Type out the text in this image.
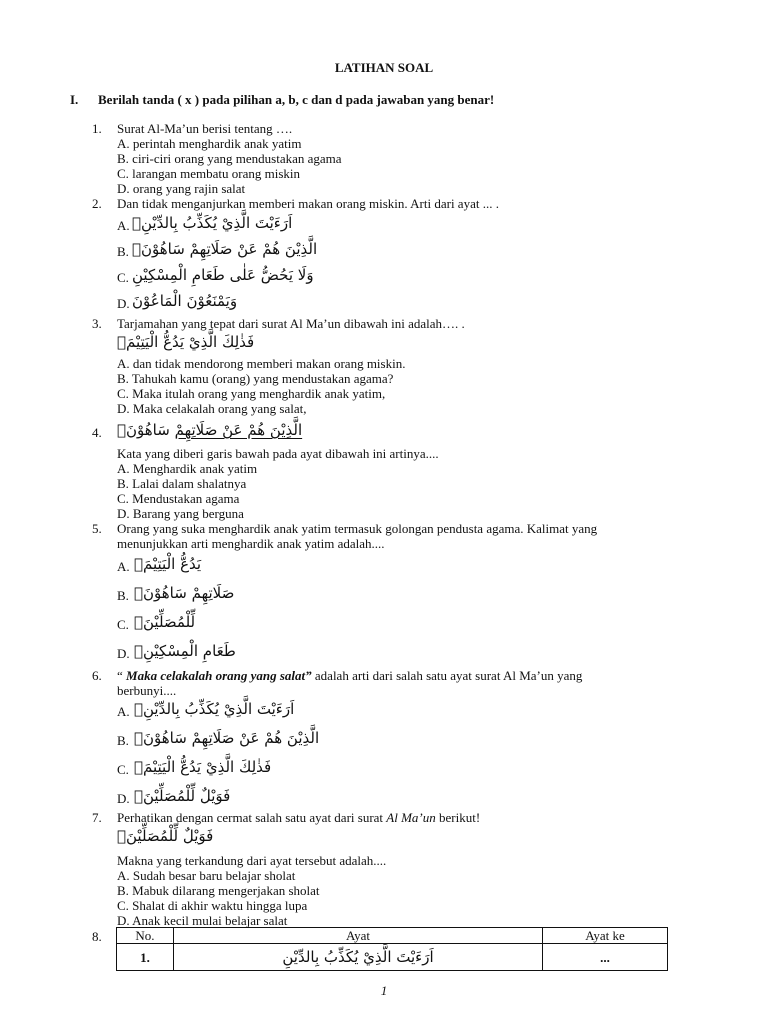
LATIHAN SOAL
I. Berilah tanda ( x ) pada pilihan a, b, c dan d pada jawaban yang benar!
1. Surat Al-Ma’un berisi tentang ….
A. perintah menghardik anak yatim
B. ciri-ciri orang yang mendustakan agama
C. larangan membatu orang miskin
D. orang yang rajin salat
2. Dan tidak menganjurkan memberi makan orang miskin. Arti dari ayat ... .
A. اَرَءَيْتَ الَّذِيْ يُكَذِّبُ بِالدِّيْنِۗ
B. الَّذِيْنَ هُمْ عَنْ صَلَاتِهِمْ سَاهُوْنَۙ
C. وَلَا يَحُضُّ عَلٰى طَعَامِ الْمِسْكِيْنِ
D. وَيَمْنَعُوْنَ الْمَاعُوْنَ
3. Tarjamahan yang tepat dari surat Al Ma’un dibawah ini adalah…. .
فَذٰلِكَ الَّذِيْ يَدُعُّ الْيَتِيْمَۙ
A. dan tidak mendorong memberi makan orang miskin.
B. Tahukah kamu (orang) yang mendustakan agama?
C. Maka itulah orang yang menghardik anak yatim,
D. Maka celakalah orang yang salat,
4.	الَّذِيْنَ هُمْ عَنْ صَلَاتِهِمْ سَاهُوْنَۙ
Kata yang diberi garis bawah pada ayat dibawah ini artinya....
A. Menghardik anak yatim
B. Lalai dalam shalatnya
C. Mendustakan agama
D. Barang yang berguna
5. Orang yang suka menghardik anak yatim termasuk golongan pendusta agama. Kalimat yang
menunjukkan arti menghardik anak yatim adalah....
A. يَدُعُّ الْيَتِيْمَۙ
B. صَلَاتِهِمْ سَاهُوْنَۙ
C. لِّلْمُصَلِّيْنَۙ
D. طَعَامِ الْمِسْكِيْنِۗ
6. “ Maka celakalah orang yang salat” adalah arti dari salah satu ayat surat Al Ma’un yang
berbunyi....
A. اَرَءَيْتَ الَّذِيْ يُكَذِّبُ بِالدِّيْنِۗ
B. الَّذِيْنَ هُمْ عَنْ صَلَاتِهِمْ سَاهُوْنَۙ
C. فَذٰلِكَ الَّذِيْ يَدُعُّ الْيَتِيْمَۙ
D. فَوَيْلٌ لِّلْمُصَلِّيْنَۙ
7. Perhatikan dengan cermat salah satu ayat dari surat Al Ma’un berikut!
فَوَيْلٌ لِّلْمُصَلِّيْنَۙ
Makna yang terkandung dari ayat tersebut adalah....
A. Sudah besar baru belajar sholat
B. Mabuk dilarang mengerjakan sholat
C. Shalat di akhir waktu hingga lupa
D. Anak kecil mulai belajar salat
8.	No.	Ayat	Ayat ke
1.	اَرَءَيْتَ الَّذِيْ يُكَذِّبُ بِالدِّيْنِ	...
1
